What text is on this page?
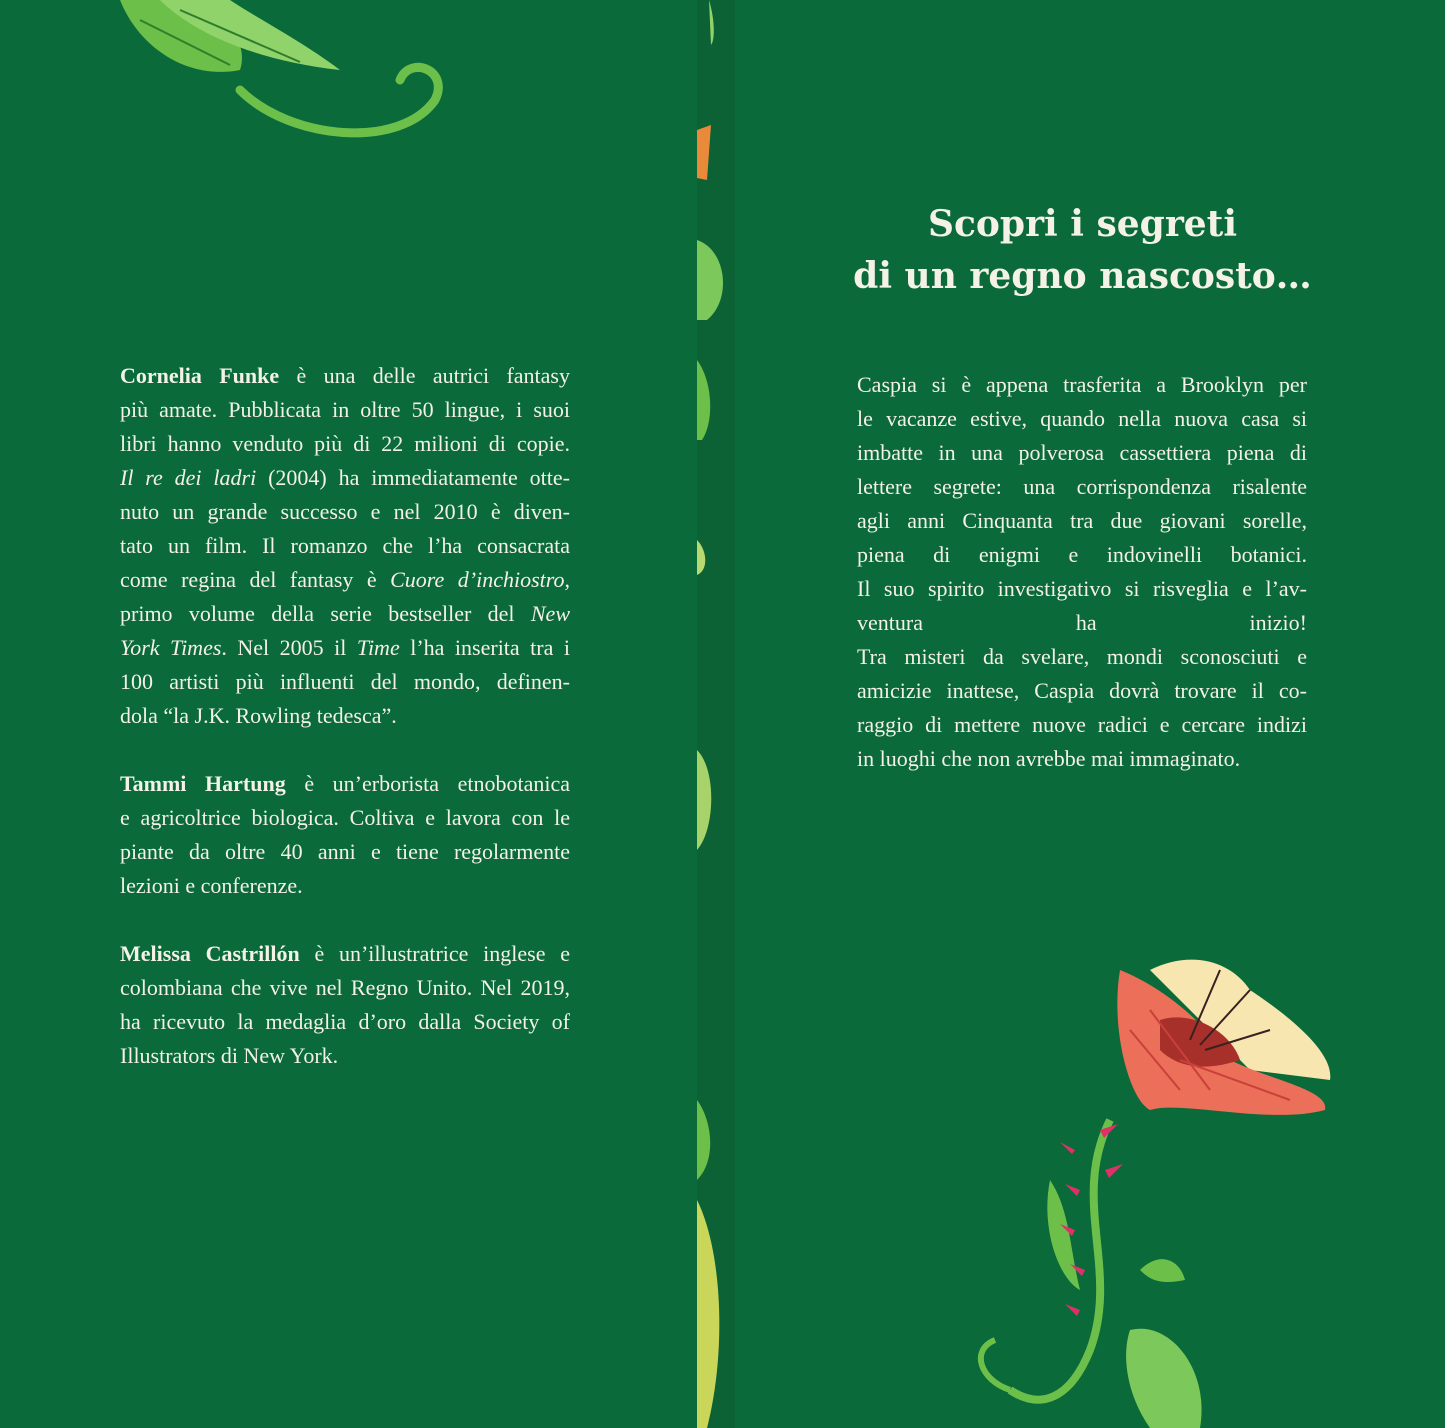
Cornelia Funke è una delle autrici fantasy
più amate. Pubblicata in oltre 50 lingue, i suoi
libri hanno venduto più di 22 milioni di copie.
Il re dei ladri (2004) ha immediatamente otte-
nuto un grande successo e nel 2010 è diven-
tato un film. Il romanzo che l’ha consacrata
come regina del fantasy è Cuore d’inchiostro,
primo volume della serie bestseller del New
York Times. Nel 2005 il Time l’ha inserita tra i
100 artisti più influenti del mondo, definen-
dola “la J.K. Rowling tedesca”.
Tammi Hartung è un’erborista etnobotanica
e agricoltrice biologica. Coltiva e lavora con le
piante da oltre 40 anni e tiene regolarmente
lezioni e conferenze.
Melissa Castrillón è un’illustratrice inglese e
colombiana che vive nel Regno Unito. Nel 2019,
ha ricevuto la medaglia d’oro dalla Society of
Illustrators di New York.
Scopri i segreti
di un regno nascosto…
Caspia si è appena trasferita a Brooklyn per
le vacanze estive, quando nella nuova casa si
imbatte in una polverosa cassettiera piena di
lettere segrete: una corrispondenza risalente
agli anni Cinquanta tra due giovani sorelle,
piena di enigmi e indovinelli botanici.
Il suo spirito investigativo si risveglia e l’av-
ventura ha inizio!
Tra misteri da svelare, mondi sconosciuti e
amicizie inattese, Caspia dovrà trovare il co-
raggio di mettere nuove radici e cercare indizi
in luoghi che non avrebbe mai immaginato.
